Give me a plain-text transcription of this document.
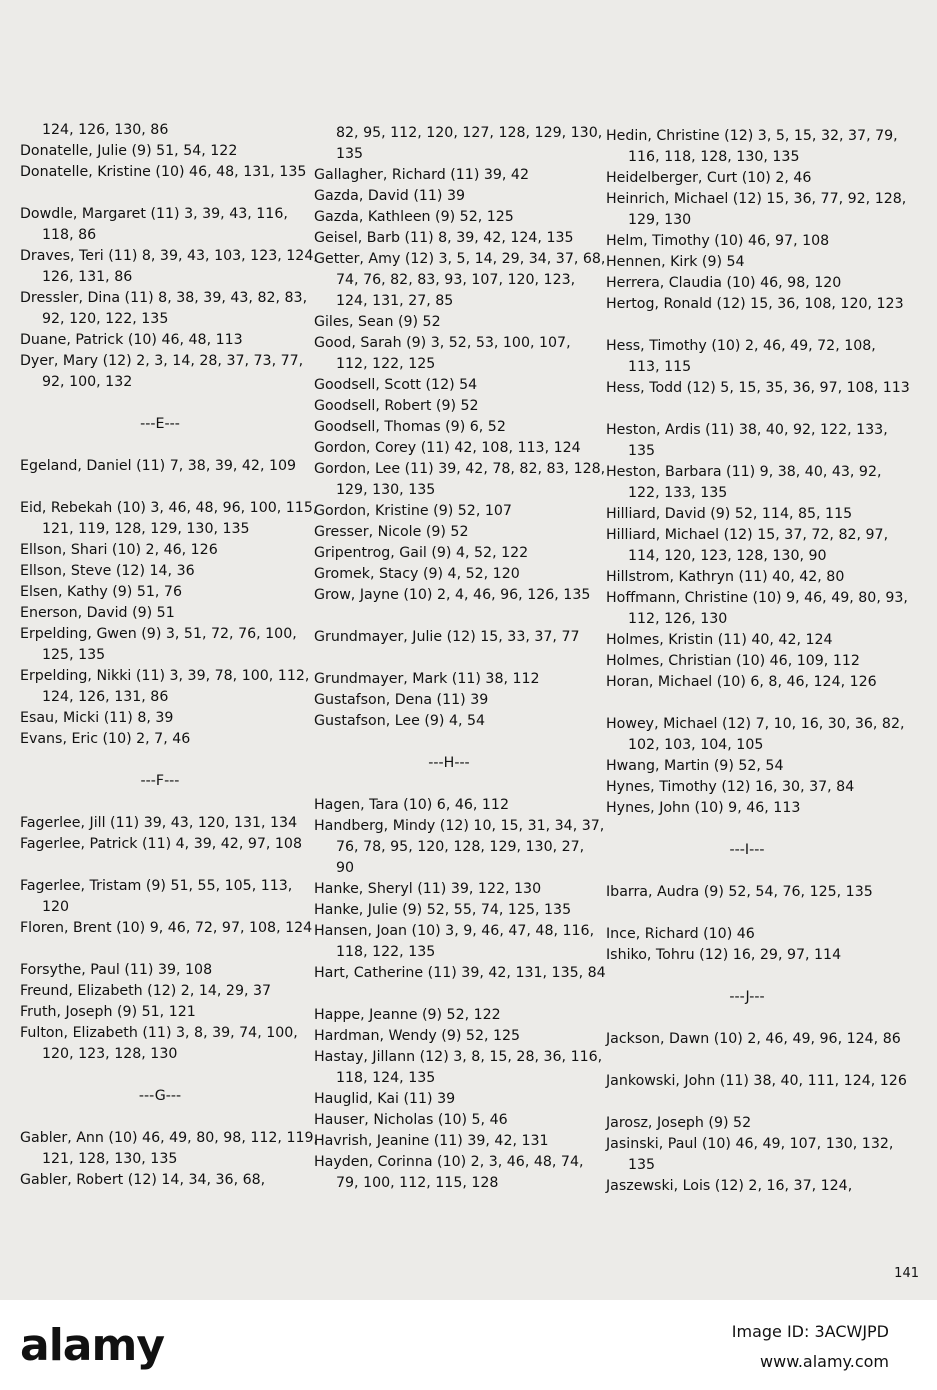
124, 126, 130, 86

Donatelle, Julie (9) 51, 54, 122

Donatelle, Kristine (10) 46, 48, 131, 135

Dowdle, Margaret (11) 3, 39, 43, 116, 118, 86

Draves, Teri (11) 8, 39, 43, 103, 123, 124, 126, 131, 86

Dressler, Dina (11) 8, 38, 39, 43, 82, 83, 92, 120, 122, 135

Duane, Patrick (10) 46, 48, 113

Dyer, Mary (12) 2, 3, 14, 28, 37, 73, 77, 92, 100, 132

---E---

Egeland, Daniel (11) 7, 38, 39, 42, 109

Eid, Rebekah (10) 3, 46, 48, 96, 100, 115, 121, 119, 128, 129, 130, 135

Ellson, Shari (10) 2, 46, 126

Ellson, Steve (12) 14, 36

Elsen, Kathy (9) 51, 76

Enerson, David (9) 51

Erpelding, Gwen (9) 3, 51, 72, 76, 100, 125, 135

Erpelding, Nikki (11) 3, 39, 78, 100, 112, 124, 126, 131, 86

Esau, Micki (11) 8, 39

Evans, Eric (10) 2, 7, 46

---F---

Fagerlee, Jill (11) 39, 43, 120, 131, 134

Fagerlee, Patrick (11) 4, 39, 42, 97, 108

Fagerlee, Tristam (9) 51, 55, 105, 113, 120

Floren, Brent (10) 9, 46, 72, 97, 108, 124

Forsythe, Paul (11) 39, 108

Freund, Elizabeth (12) 2, 14, 29, 37

Fruth, Joseph (9) 51, 121

Fulton, Elizabeth (11) 3, 8, 39, 74, 100, 120, 123, 128, 130

---G---

Gabler, Ann (10) 46, 49, 80, 98, 112, 119, 121, 128, 130, 135

Gabler, Robert (12) 14, 34, 36, 68,

82, 95, 112, 120, 127, 128, 129, 130, 135

Gallagher, Richard (11) 39, 42

Gazda, David (11) 39

Gazda, Kathleen (9) 52, 125

Geisel, Barb (11) 8, 39, 42, 124, 135

Getter, Amy (12) 3, 5, 14, 29, 34, 37, 68, 74, 76, 82, 83, 93, 107, 120, 123, 124, 131, 27, 85

Giles, Sean (9) 52

Good, Sarah (9) 3, 52, 53, 100, 107, 112, 122, 125

Goodsell, Scott (12) 54

Goodsell, Robert (9) 52

Goodsell, Thomas (9) 6, 52

Gordon, Corey (11) 42, 108, 113, 124

Gordon, Lee (11) 39, 42, 78, 82, 83, 128, 129, 130, 135

Gordon, Kristine (9) 52, 107

Gresser, Nicole (9) 52

Gripentrog, Gail (9) 4, 52, 122

Gromek, Stacy (9) 4, 52, 120

Grow, Jayne (10) 2, 4, 46, 96, 126, 135

Grundmayer, Julie (12) 15, 33, 37, 77

Grundmayer, Mark (11) 38, 112

Gustafson, Dena (11) 39

Gustafson, Lee (9) 4, 54

---H---

Hagen, Tara (10) 6, 46, 112

Handberg, Mindy (12) 10, 15, 31, 34, 37, 76, 78, 95, 120, 128, 129, 130, 27, 90

Hanke, Sheryl (11) 39, 122, 130

Hanke, Julie (9) 52, 55, 74, 125, 135

Hansen, Joan (10) 3, 9, 46, 47, 48, 116, 118, 122, 135

Hart, Catherine (11) 39, 42, 131, 135, 84

Happe, Jeanne (9) 52, 122

Hardman, Wendy (9) 52, 125

Hastay, Jillann (12) 3, 8, 15, 28, 36, 116, 118, 124, 135

Hauglid, Kai (11) 39

Hauser, Nicholas (10) 5, 46

Havrish, Jeanine (11) 39, 42, 131

Hayden, Corinna (10) 2, 3, 46, 48, 74, 79, 100, 112, 115, 128

Hedin, Christine (12) 3, 5, 15, 32, 37, 79, 116, 118, 128, 130, 135

Heidelberger, Curt (10) 2, 46

Heinrich, Michael (12) 15, 36, 77, 92, 128, 129, 130

Helm, Timothy (10) 46, 97, 108

Hennen, Kirk (9) 54

Herrera, Claudia (10) 46, 98, 120

Hertog, Ronald (12) 15, 36, 108, 120, 123

Hess, Timothy (10) 2, 46, 49, 72, 108, 113, 115

Hess, Todd (12) 5, 15, 35, 36, 97, 108, 113

Heston, Ardis (11) 38, 40, 92, 122, 133, 135

Heston, Barbara (11) 9, 38, 40, 43, 92, 122, 133, 135

Hilliard, David (9) 52, 114, 85, 115

Hilliard, Michael (12) 15, 37, 72, 82, 97, 114, 120, 123, 128, 130, 90

Hillstrom, Kathryn (11) 40, 42, 80

Hoffmann, Christine (10) 9, 46, 49, 80, 93, 112, 126, 130

Holmes, Kristin (11) 40, 42, 124

Holmes, Christian (10) 46, 109, 112

Horan, Michael (10) 6, 8, 46, 124, 126

Howey, Michael (12) 7, 10, 16, 30, 36, 82, 102, 103, 104, 105

Hwang, Martin (9) 52, 54

Hynes, Timothy (12) 16, 30, 37, 84

Hynes, John (10) 9, 46, 113

---I---

Ibarra, Audra (9) 52, 54, 76, 125, 135

Ince, Richard (10) 46

Ishiko, Tohru (12) 16, 29, 97, 114

---J---

Jackson, Dawn (10) 2, 46, 49, 96, 124, 86

Jankowski, John (11) 38, 40, 111, 124, 126

Jarosz, Joseph (9) 52

Jasinski, Paul (10) 46, 49, 107, 130, 132, 135

Jaszewski, Lois (12) 2, 16, 37, 124,

141
alamy	Image ID: 3ACWJPD
www.alamy.com
